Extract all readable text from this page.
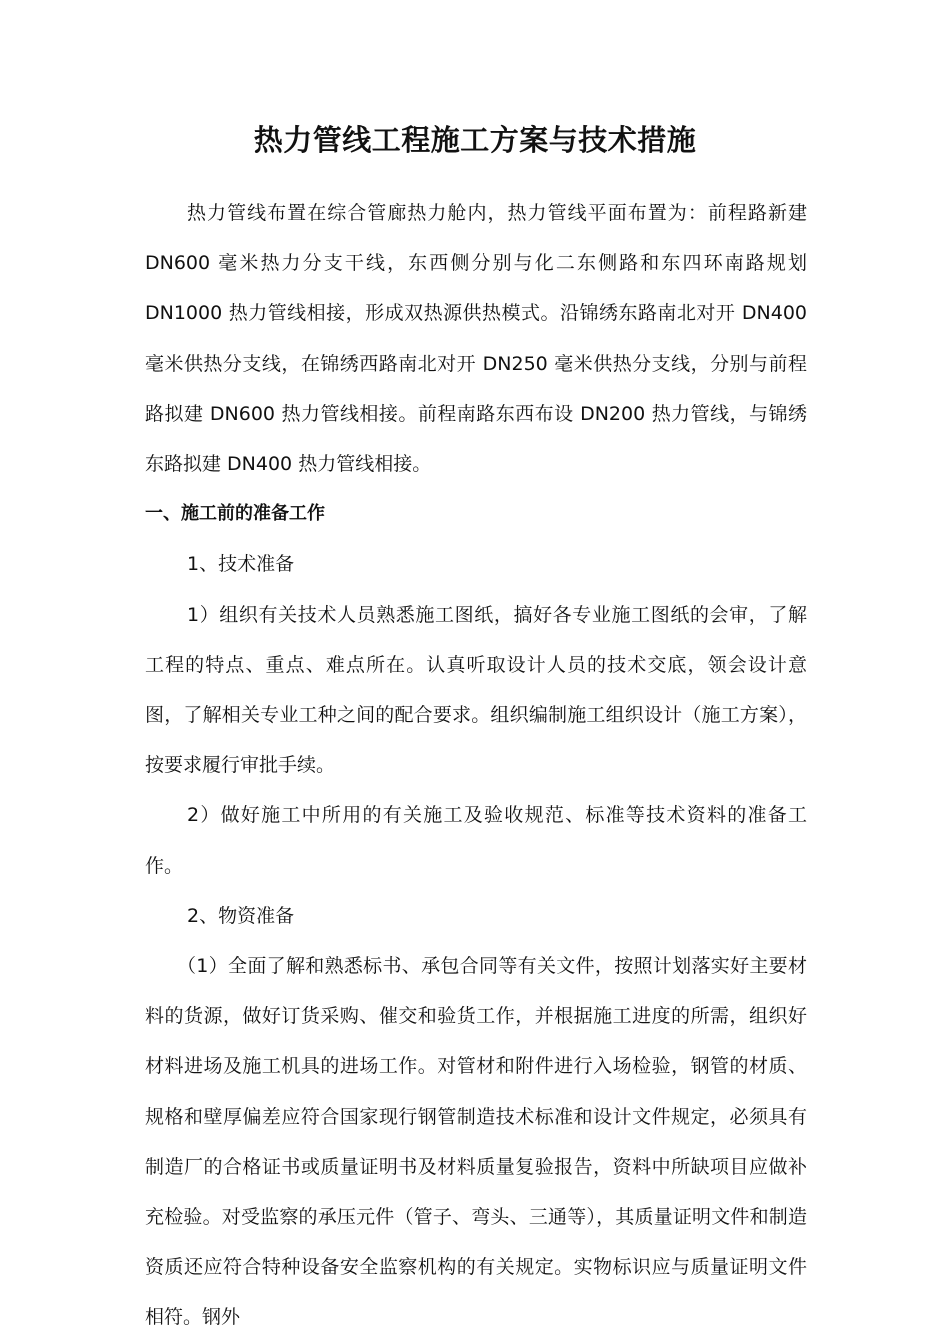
热力管线工程施工方案与技术措施

热力管线布置在综合管廊热力舱内，热力管线平面布置为：前程路新建DN600 毫米热力分支干线，东西侧分别与化二东侧路和东四环南路规划DN1000 热力管线相接，形成双热源供热模式。沿锦绣东路南北对开 DN400 毫米供热分支线，在锦绣西路南北对开 DN250 毫米供热分支线，分别与前程路拟建 DN600 热力管线相接。前程南路东西布设 DN200 热力管线，与锦绣东路拟建 DN400 热力管线相接。

一、施工前的准备工作

1、技术准备

1）组织有关技术人员熟悉施工图纸，搞好各专业施工图纸的会审，了解工程的特点、重点、难点所在。认真听取设计人员的技术交底，领会设计意图，了解相关专业工种之间的配合要求。组织编制施工组织设计（施工方案），按要求履行审批手续。

2）做好施工中所用的有关施工及验收规范、标准等技术资料的准备工作。

2、物资准备

（1）全面了解和熟悉标书、承包合同等有关文件，按照计划落实好主要材料的货源，做好订货采购、催交和验货工作，并根据施工进度的所需，组织好材料进场及施工机具的进场工作。对管材和附件进行入场检验，钢管的材质、规格和壁厚偏差应符合国家现行钢管制造技术标准和设计文件规定，必须具有制造厂的合格证书或质量证明书及材料质量复验报告，资料中所缺项目应做补充检验。对受监察的承压元件（管子、弯头、三通等），其质量证明文件和制造资质还应符合特种设备安全监察机构的有关规定。实物标识应与质量证明文件相符。钢外
